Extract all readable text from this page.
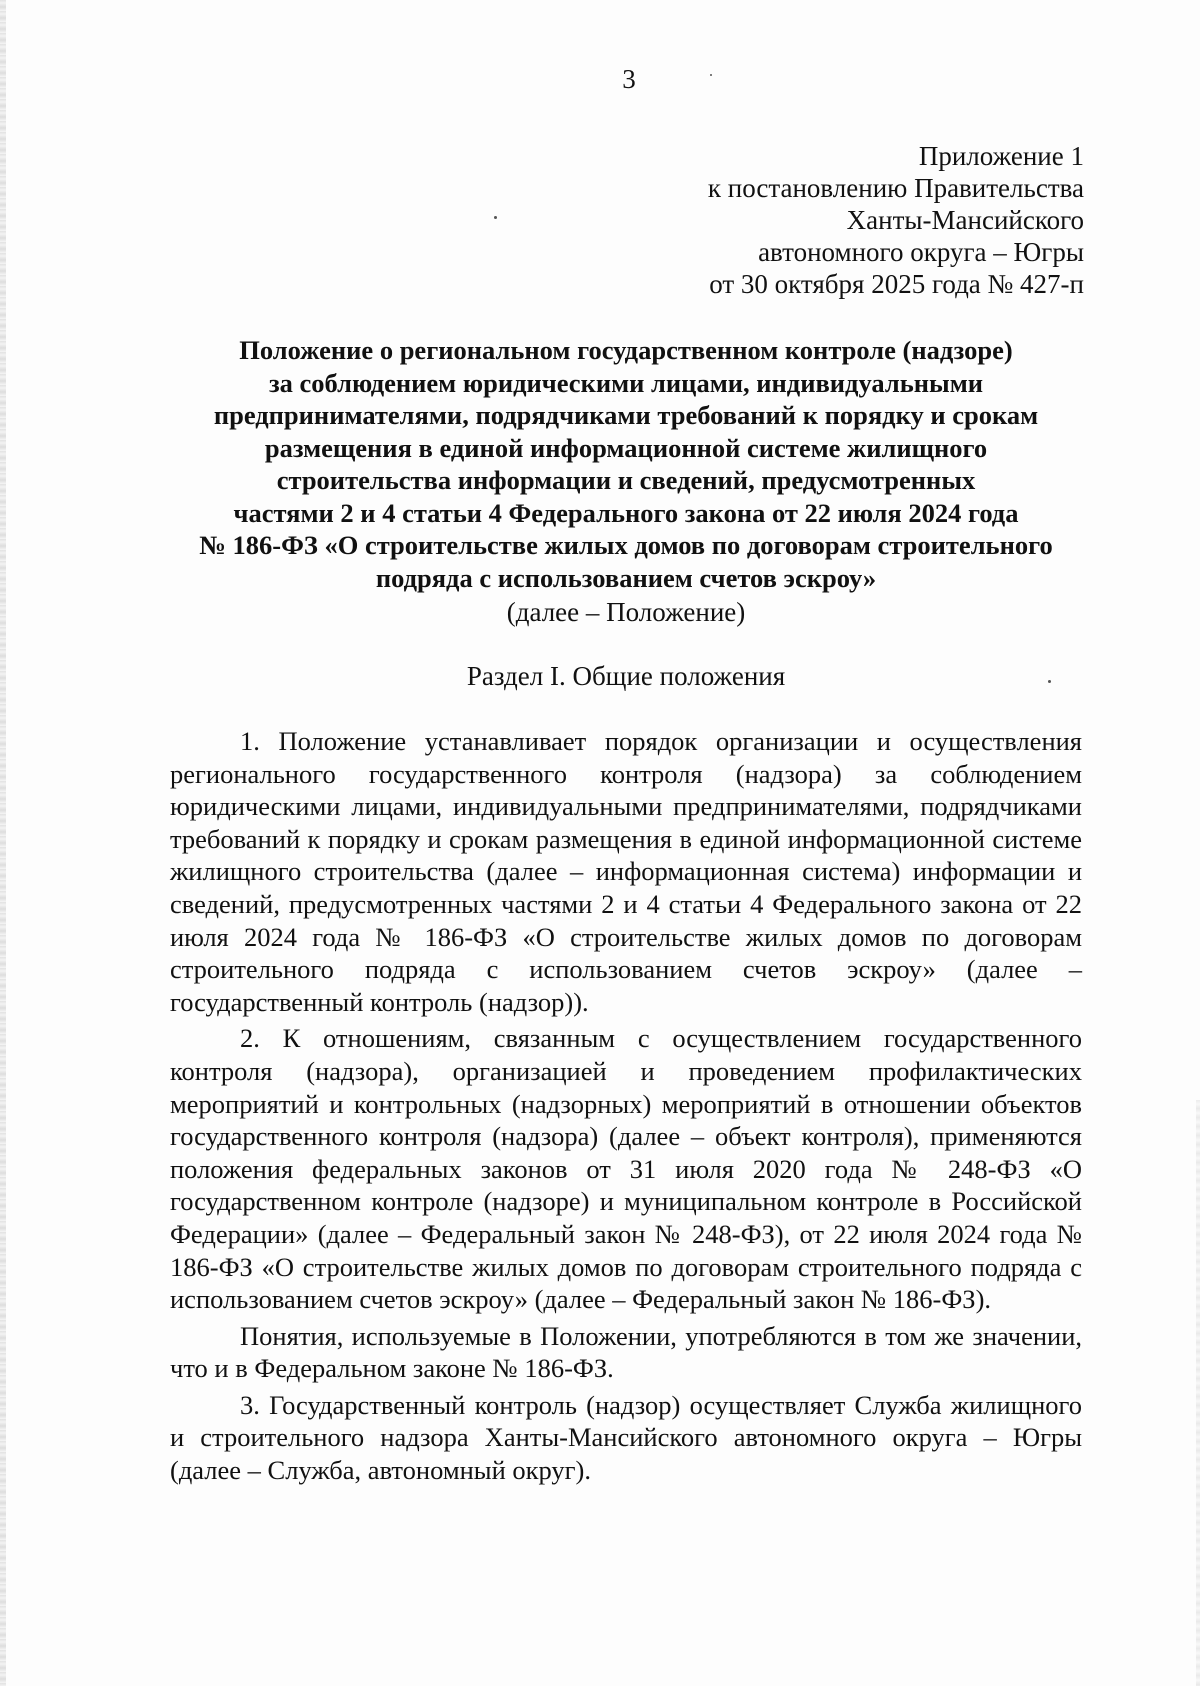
3
Приложение 1
к постановлению Правительства
Ханты-Мансийского
автономного округа – Югры
от 30 октября 2025 года № 427-п
Положение о региональном государственном контроле (надзоре)
за соблюдением юридическими лицами, индивидуальными
предпринимателями, подрядчиками требований к порядку и срокам
размещения в единой информационной системе жилищного
строительства информации и сведений, предусмотренных
частями 2 и 4 статьи 4 Федерального закона от 22 июля 2024 года
№ 186-ФЗ «О строительстве жилых домов по договорам строительного
подряда с использованием счетов эскроу»
(далее – Положение)
Раздел I. Общие положения

1. Положение устанавливает порядок организации и осуществления регионального государственного контроля (надзора) за соблюдением юридическими лицами, индивидуальными предпринимателями, подрядчиками требований к порядку и срокам размещения в единой информационной системе жилищного строительства (далее – информационная система) информации и сведений, предусмотренных частями 2 и 4 статьи 4 Федерального закона от 22 июля 2024 года № 186-ФЗ «О строительстве жилых домов по договорам строительного подряда с использованием счетов эскроу» (далее – государственный контроль (надзор)).

2. К отношениям, связанным с осуществлением государственного контроля (надзора), организацией и проведением профилактических мероприятий и контрольных (надзорных) мероприятий в отношении объектов государственного контроля (надзора) (далее – объект контроля), применяются положения федеральных законов от 31 июля 2020 года № 248-ФЗ «О государственном контроле (надзоре) и муниципальном контроле в Российской Федерации» (далее – Федеральный закон № 248-ФЗ), от 22 июля 2024 года № 186-ФЗ «О строительстве жилых домов по договорам строительного подряда с использованием счетов эскроу» (далее – Федеральный закон № 186-ФЗ).

Понятия, используемые в Положении, употребляются в том же значении, что и в Федеральном законе № 186-ФЗ.

3. Государственный контроль (надзор) осуществляет Служба жилищного и строительного надзора Ханты-Мансийского автономного округа – Югры (далее – Служба, автономный округ).
